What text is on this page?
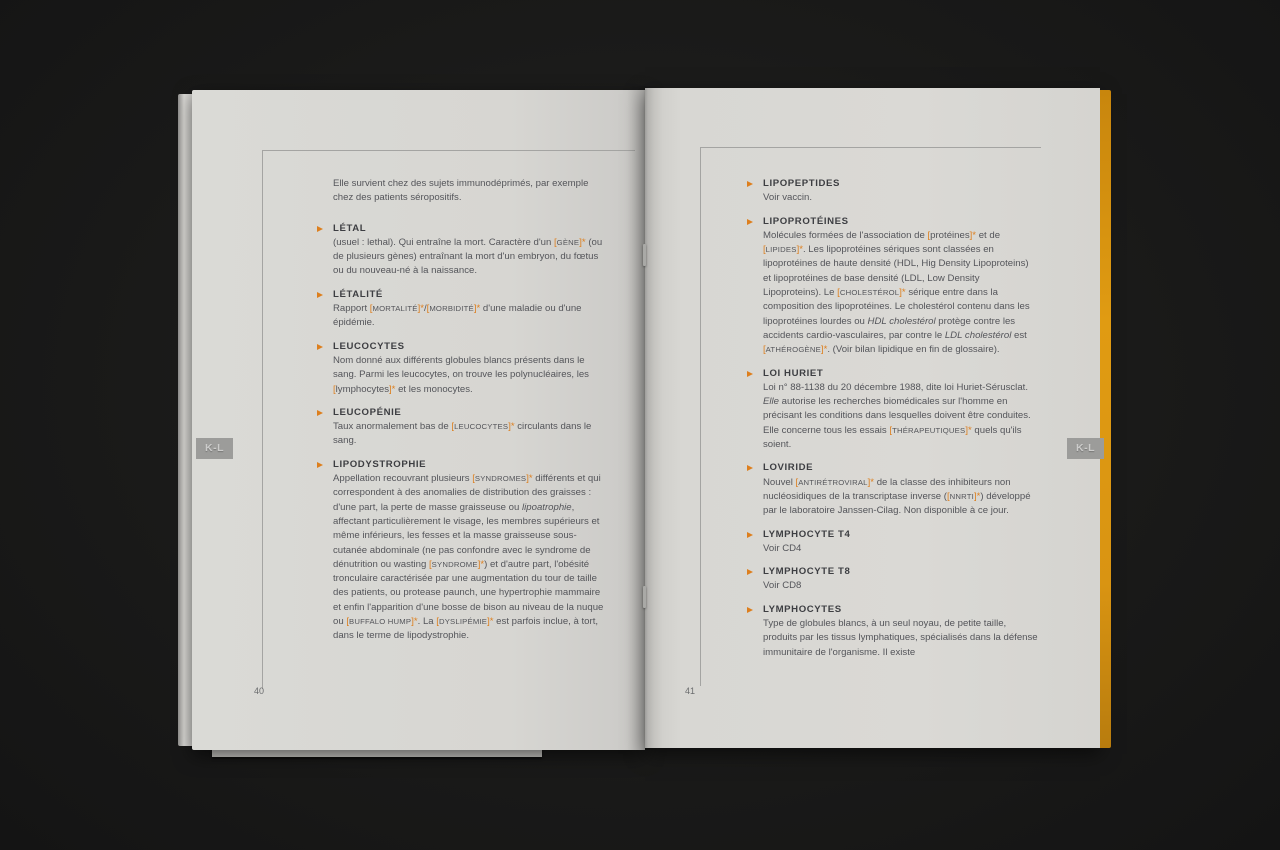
Elle survient chez des sujets immunodéprimés, par exemple chez des patients séropositifs.

LÉTAL

(usuel : lethal). Qui entraîne la mort. Caractère d'un [GÈNE]* (ou de plusieurs gènes) entraînant la mort d'un embryon, du fœtus ou du nouveau-né à la naissance.

LÉTALITÉ

Rapport [MORTALITÉ]*/[MORBIDITÉ]* d'une maladie ou d'une épidémie.

LEUCOCYTES

Nom donné aux différents globules blancs présents dans le sang. Parmi les leucocytes, on trouve les polynucléaires, les [lymphocytes]* et les monocytes.

LEUCOPÉNIE

Taux anormalement bas de [LEUCOCYTES]* circulants dans le sang.

LIPODYSTROPHIE

Appellation recouvrant plusieurs [SYNDROMES]* différents et qui correspondent à des anomalies de distribution des graisses : d'une part, la perte de masse graisseuse ou lipoatrophie, affectant particulièrement le visage, les membres supérieurs et même inférieurs, les fesses et la masse graisseuse sous-cutanée abdominale (ne pas confondre avec le syndrome de dénutrition ou wasting [SYNDROME]*) et d'autre part, l'obésité tronculaire caractérisée par une augmentation du tour de taille des patients, ou protease paunch, une hypertrophie mammaire et enfin l'apparition d'une bosse de bison au niveau de la nuque ou [BUFFALO HUMP]*. La [DYSLIPÉMIE]* est parfois inclue, à tort, dans le terme de lipodystrophie.

40
LIPOPEPTIDES

Voir vaccin.

LIPOPROTÉINES

Molécules formées de l'association de [protéines]* et de [LIPIDES]*. Les lipoprotéines sériques sont classées en lipoprotéines de haute densité (HDL, Hig Density Lipoproteins) et lipoprotéines de base densité (LDL, Low Density Lipoproteins). Le [CHOLESTÉROL]* sérique entre dans la composition des lipoprotéines. Le cholestérol contenu dans les lipoprotéines lourdes ou HDL cholestérol protège contre les accidents cardio-vasculaires, par contre le LDL cholestérol est [ATHÉROGÈNE]*. (Voir bilan lipidique en fin de glossaire).

LOI HURIET

Loi n° 88-1138 du 20 décembre 1988, dite loi Huriet-Sérusclat. Elle autorise les recherches biomédicales sur l'homme en précisant les conditions dans lesquelles doivent être conduites. Elle concerne tous les essais [THÉRAPEUTIQUES]* quels qu'ils soient.

LOVIRIDE

Nouvel [ANTIRÉTROVIRAL]* de la classe des inhibiteurs non nucléosidiques de la transcriptase inverse ([NNRTI]*) développé par le laboratoire Janssen-Cilag. Non disponible à ce jour.

LYMPHOCYTE T4

Voir CD4

LYMPHOCYTE T8

Voir CD8

LYMPHOCYTES

Type de globules blancs, à un seul noyau, de petite taille, produits par les tissus lymphatiques, spécialisés dans la défense immunitaire de l'organisme. Il existe

41
K-L	K-L
